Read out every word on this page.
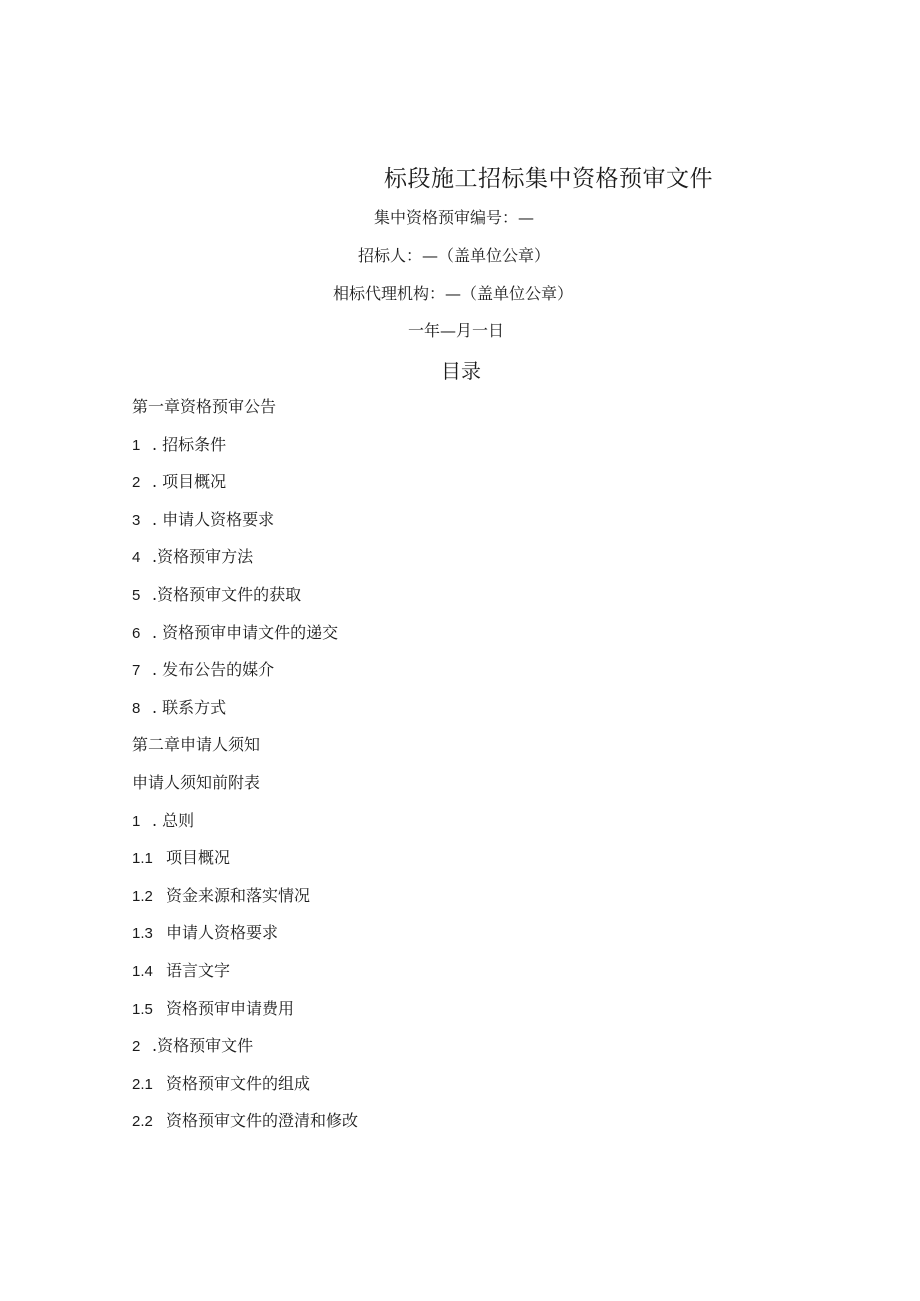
标段施工招标集中资格预审文件
集中资格预审编号：—
招标人：—（盖单位公章）
相标代理机构：—（盖单位公章）
一年—月一日
目录
第一章资格预审公告
1 . 招标条件
2 . 项目概况
3 . 申请人资格要求
4 .资格预审方法
5 .资格预审文件的获取
6 . 资格预审申请文件的递交
7 . 发布公告的媒介
8 . 联系方式
第二章申请人须知
申请人须知前附表
1 . 总则
1.1 项目概况
1.2 资金来源和落实情况
1.3 申请人资格要求
1.4 语言文字
1.5 资格预审申请费用
2 .资格预审文件
2.1 资格预审文件的组成
2.2 资格预审文件的澄清和修改
